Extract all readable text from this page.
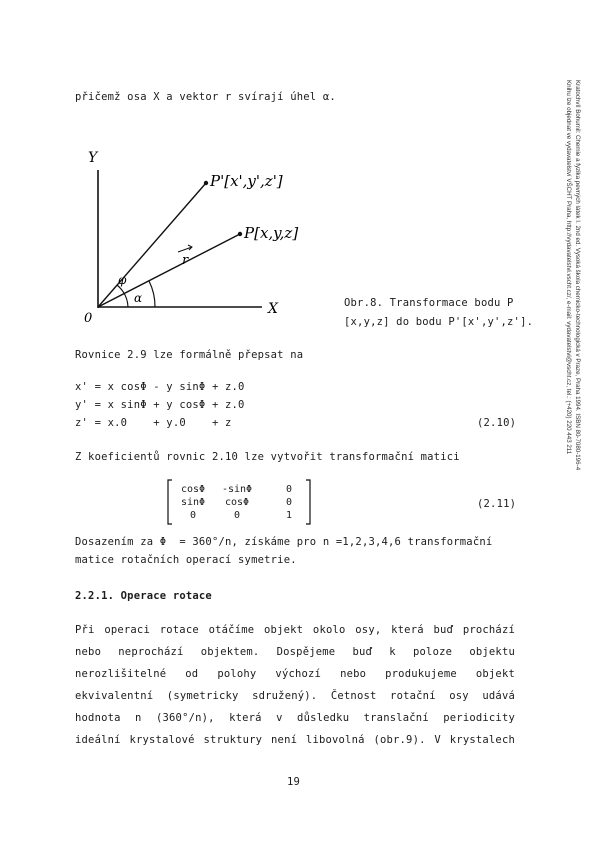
Kratochvíl Bohumil: Chemie a fyzika pevných látek I. 2nd ed. Vysoká škola chemicko-technologická v Praze, Praha 1994. ISBN 80-7080-196-4
Knihu lze objednat ve vydavatelství VŠCHT Praha, http://vydavatelstvi.vscht.cz/, e-mail: vydavatelstvi@vscht.cz, tel.: (+420) 220 443 211
přičemž osa X a vektor r svírají úhel α.
Y
X
0
P'[x',y',z']
P[x,y,z]
r
φ
α	Obr.8. Transformace bodu P
[x,y,z] do bodu P'[x',y',z'].
Rovnice 2.9 lze formálně přepsat na
x' = x cosΦ - y sinΦ + z.0
y' = x sinΦ + y cosΦ + z.0
z' = x.0    + y.0    + z	(2.10)
Z koeficientů rovnic 2.10 lze vytvořit transformační matici
cosΦ	-sinΦ	0
sinΦ	cosΦ	0
0	0	1
(2.11)
Dosazením za Φ  = 360°/n, získáme pro n =1,2,3,4,6 transformační
matice rotačních operací symetrie.
2.2.1. Operace rotace
Při operaci rotace otáčíme objekt okolo osy, která buď prochází
nebo neprochází objektem. Dospějeme buď k poloze objektu
nerozlišitelné od polohy výchozí nebo produkujeme objekt
ekvivalentní (symetricky sdružený). Četnost rotační osy udává
hodnota n (360°/n), která v důsledku translační periodicity
ideální krystalové struktury není libovolná (obr.9). V krystalech
19
